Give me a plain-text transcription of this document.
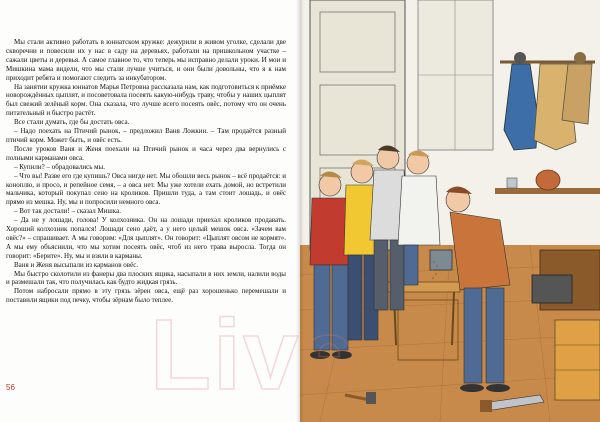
Мы стали активно работать в юннатском кружке: дежурили в живом уголке, сделали две скворечни и повесили их у нас в саду на деревьях, работали на пришкольном участке – сажали цветы и деревья. А самое главное то, что теперь мы исправно делали уроки. И мои и Мишкина мама видели, что мы стали лучше учиться, и они были довольны, что я к нам приходит ребята и помогают следить за инкубатором.

На занятии кружка юннатов Марья Петровна рассказала нам, как подготовиться к приёмке новорождённых цыплят, и посоветовала посеять какую-нибудь траву, чтобы у наших цыплят был свежий зелёный корм. Она сказала, что лучше всего посеять овёс, потому что он очень питательный и быстро растёт.

Все стали думать, где бы достать овса.

– Надо поехать на Птичий рынок, – предложил Ваня Ложкин. – Там продаётся разный птичий корм. Может быть, и овёс есть.

После уроков Ваня и Женя поехали на Птичий рынок и часа через два вернулись с полными карманами овса.

– Купили? – обрадовались мы.

– Что вы! Разве его где купишь? Овса нигде нет. Мы обошли весь рынок – всё продаётся: и коноплю, и просо, и репейное семя, – а овса нет. Мы уже хотели ехать домой, но встретили мальчика, который покупал сено на кроликов. Пришли туда, а там стоит лошадь, и овёс прямо из мешка. Ну, мы и попросили немного овса.

– Вот так достали! – сказал Мишка.

– Да не у лошади, голова! У колхозника. Он на лошади приехал кроликов продавать. Хороший колхозник попался! Лошади сено даёт, а у него целый мешок овса. «Зачем вам овёс?» – спрашивает. А мы говорим: «Для цыплят». Он говорит: «Цыплят овсом не кормят». А мы ему объяснили, что мы хотим посеять овёс, чтоб из него трава выросла. Тогда он говорит: «Берите». Ну, мы и взяли в карманы.

Ваня и Женя высыпали из карманов овёс.

Мы быстро сколотили из фанеры два плоских ящика, насыпали в них земли, налили воды и размешали так, что получилась как будто жидкая грязь.

Потом набросали прямо в эту грязь зёрен овса, ещё раз хорошенько перемешали и поставили ящики под печку, чтобы зёрнам было теплее.

56
